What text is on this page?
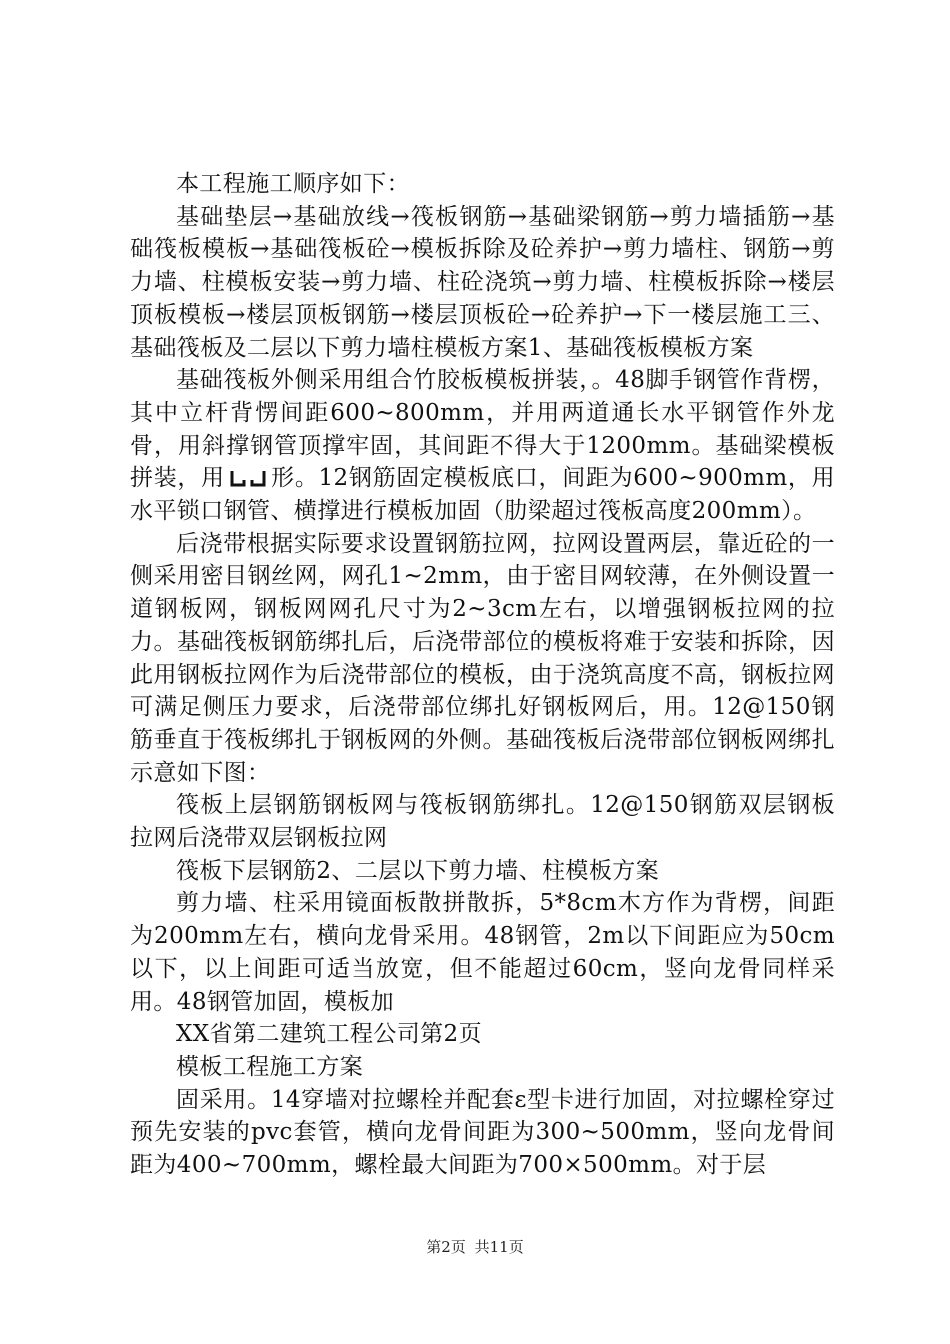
本工程施工顺序如下：

基础垫层→基础放线→筏板钢筋→基础梁钢筋→剪力墙插筋→基础筏板模板→基础筏板砼→模板拆除及砼养护→剪力墙柱、钢筋→剪力墙、柱模板安装→剪力墙、柱砼浇筑→剪力墙、柱模板拆除→楼层顶板模板→楼层顶板钢筋→楼层顶板砼→砼养护→下一楼层施工三、基础筏板及二层以下剪力墙柱模板方案1、基础筏板模板方案

基础筏板外侧采用组合竹胶板模板拼装，。48脚手钢管作背楞，其中立杆背愣间距600~800mm，并用两道通长水平钢管作外龙骨，用斜撑钢管顶撑牢固，其间距不得大于1200mm。基础梁模板拼装，用 形。12钢筋固定模板底口，间距为600~900mm，用水平锁口钢管、横撑进行模板加固（肋梁超过筏板高度200mm）。

后浇带根据实际要求设置钢筋拉网，拉网设置两层，靠近砼的一侧采用密目钢丝网，网孔1~2mm，由于密目网较薄，在外侧设置一道钢板网，钢板网网孔尺寸为2~3cm左右，以增强钢板拉网的拉力。基础筏板钢筋绑扎后，后浇带部位的模板将难于安装和拆除，因此用钢板拉网作为后浇带部位的模板，由于浇筑高度不高，钢板拉网可满足侧压力要求，后浇带部位绑扎好钢板网后，用。12@150钢筋垂直于筏板绑扎于钢板网的外侧。基础筏板后浇带部位钢板网绑扎示意如下图：

筏板上层钢筋钢板网与筏板钢筋绑扎。12@150钢筋双层钢板拉网后浇带双层钢板拉网

筏板下层钢筋2、二层以下剪力墙、柱模板方案

剪力墙、柱采用镜面板散拼散拆，5*8cm木方作为背楞，间距为200mm左右，横向龙骨采用。48钢管，2m以下间距应为50cm以下，以上间距可适当放宽，但不能超过60cm，竖向龙骨同样采用。48钢管加固，模板加

XX省第二建筑工程公司第2页

模板工程施工方案

固采用。14穿墙对拉螺栓并配套ε型卡进行加固，对拉螺栓穿过预先安装的pvc套管，横向龙骨间距为300~500mm，竖向龙骨间距为400~700mm，螺栓最大间距为700×500mm。对于层

第2页 共11页
